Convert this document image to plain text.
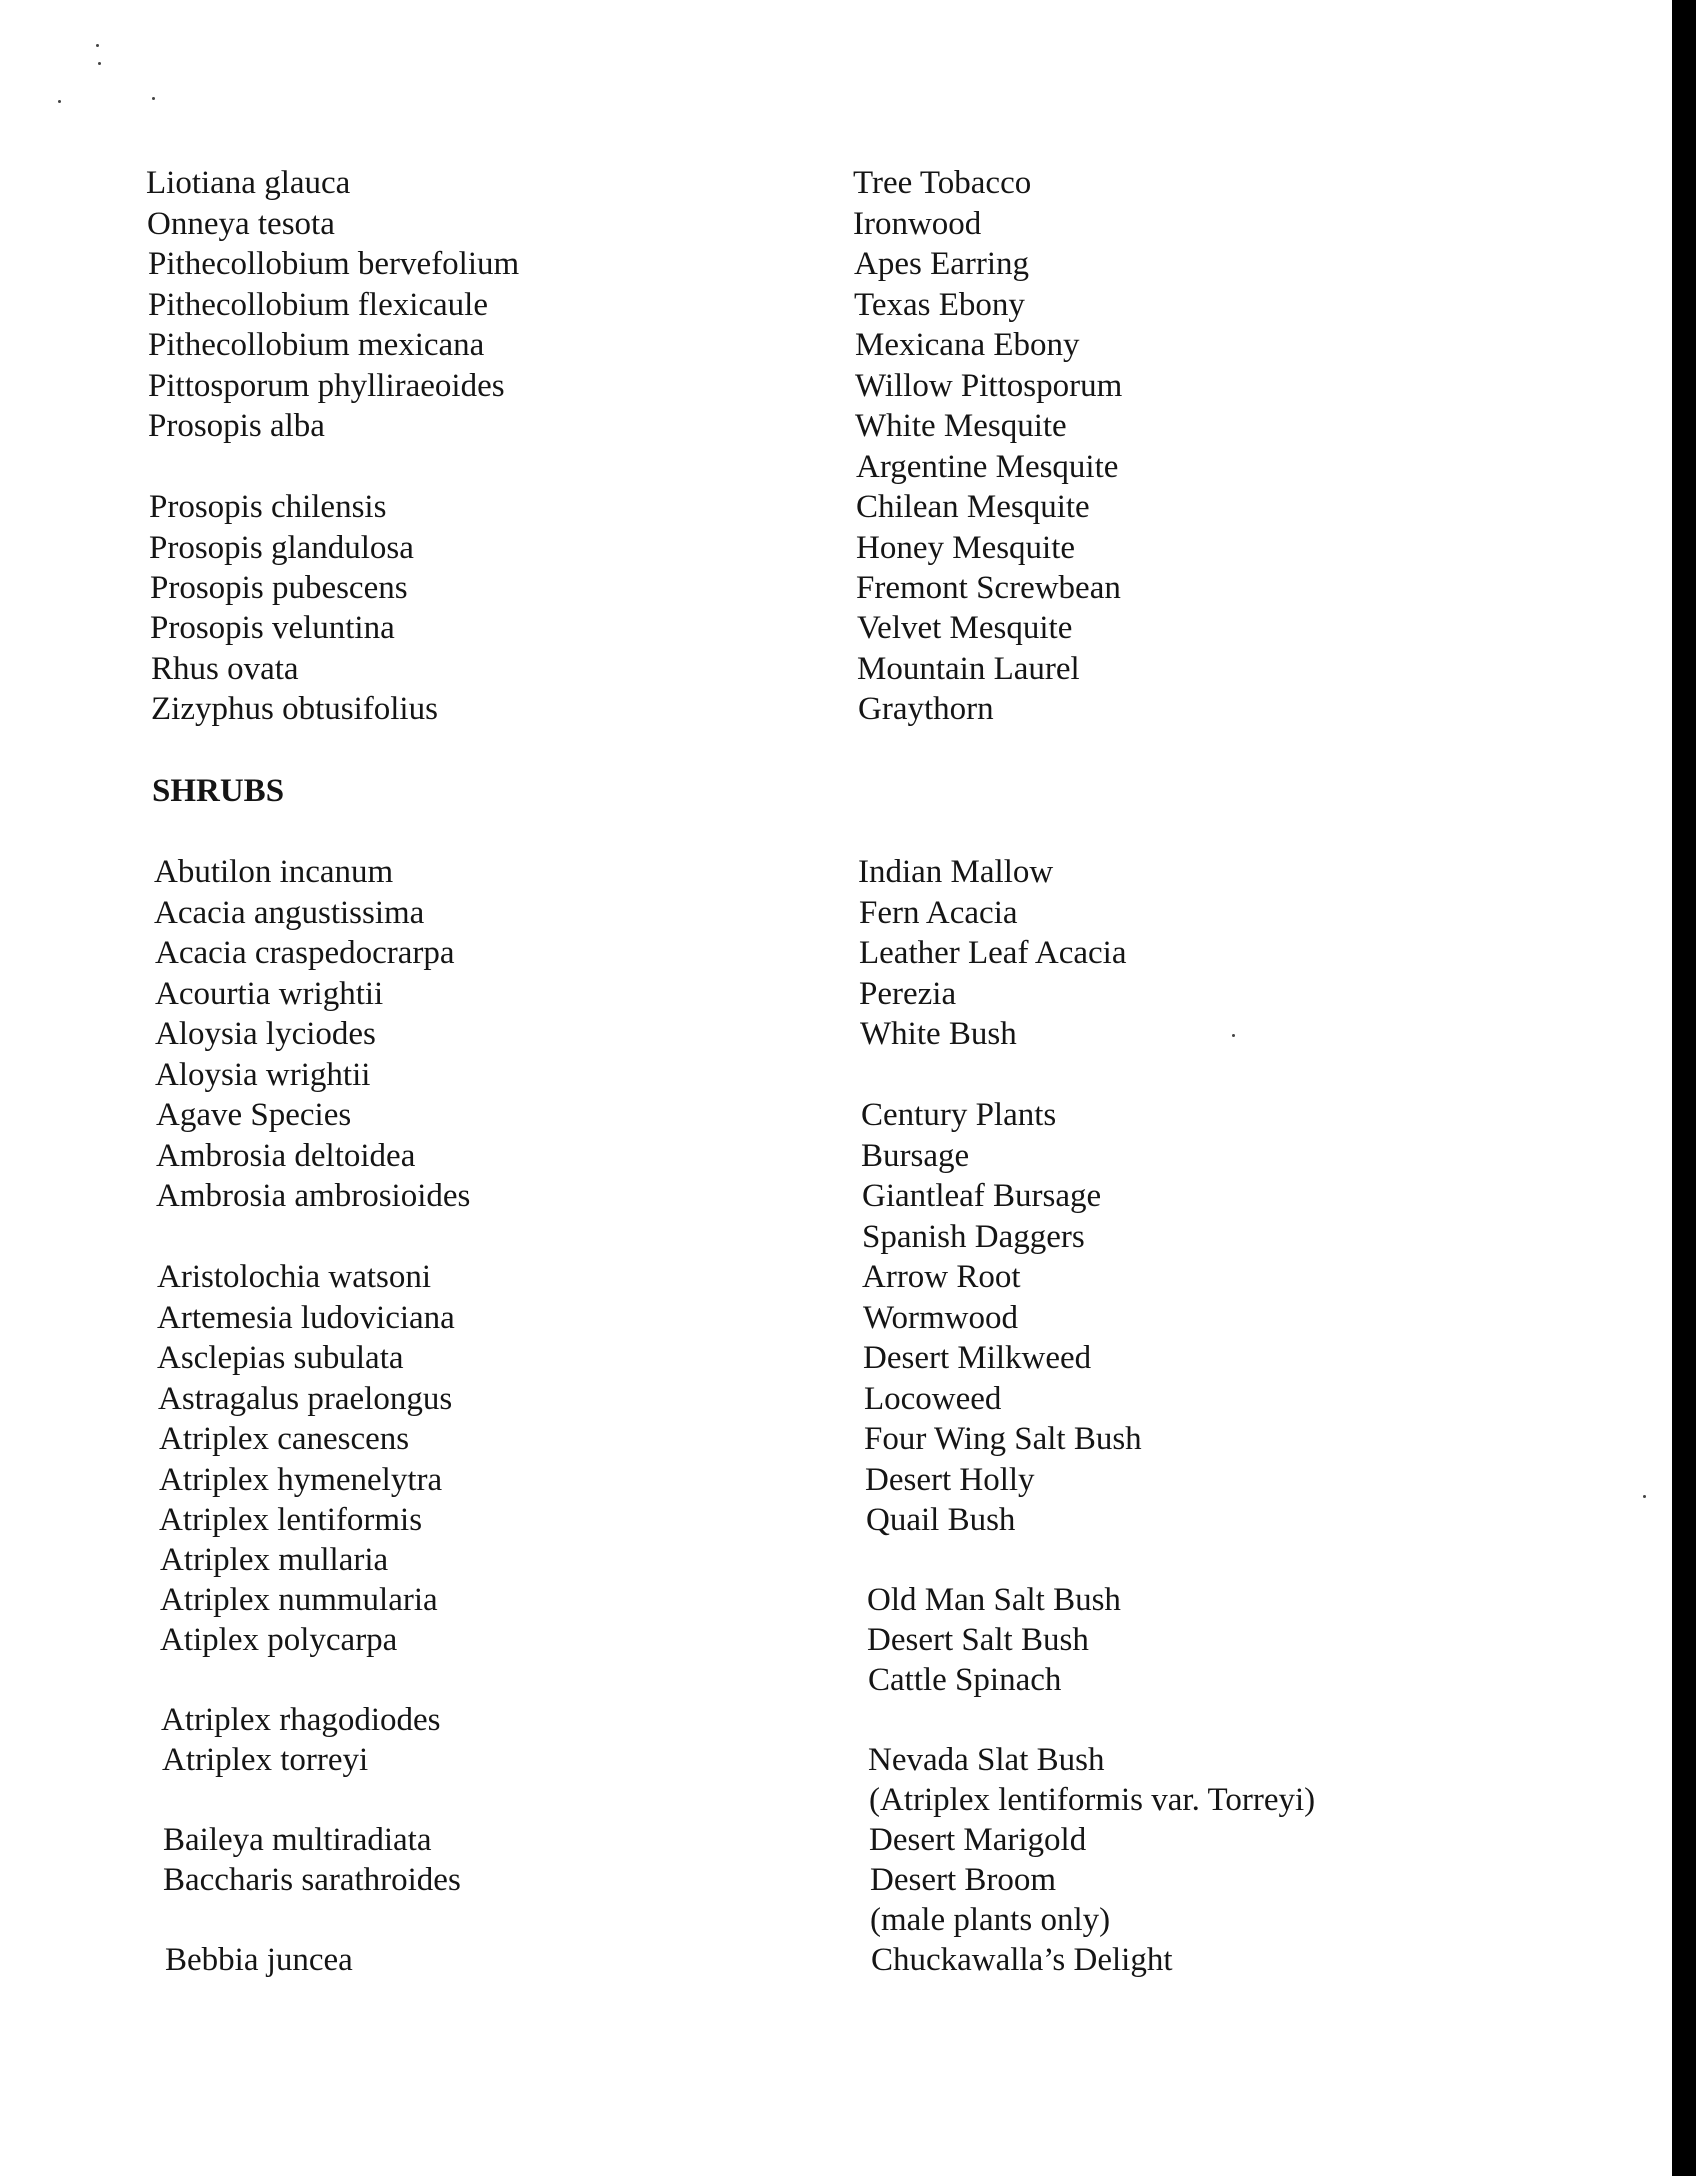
Liotiana glauca
Onneya tesota
Pithecollobium bervefolium
Pithecollobium flexicaule
Pithecollobium mexicana
Pittosporum phylliraeoides
Prosopis alba
Prosopis chilensis
Prosopis glandulosa
Prosopis pubescens
Prosopis veluntina
Rhus ovata
Zizyphus obtusifolius
Tree Tobacco
Ironwood
Apes Earring
Texas Ebony
Mexicana Ebony
Willow Pittosporum
White Mesquite
Argentine Mesquite
Chilean Mesquite
Honey Mesquite
Fremont Screwbean
Velvet Mesquite
Mountain Laurel
Graythorn
SHRUBS
Abutilon incanum
Acacia angustissima
Acacia craspedocrarpa
Acourtia wrightii
Aloysia lyciodes
Aloysia wrightii
Agave Species
Ambrosia deltoidea
Ambrosia ambrosioides
Aristolochia watsoni
Artemesia ludoviciana
Asclepias subulata
Astragalus praelongus
Atriplex canescens
Atriplex hymenelytra
Atriplex lentiformis
Atriplex mullaria
Atriplex nummularia
Atiplex polycarpa
Atriplex rhagodiodes
Atriplex torreyi
Baileya multiradiata
Baccharis sarathroides
Bebbia juncea
Indian Mallow
Fern Acacia
Leather Leaf Acacia
Perezia
White Bush
Century Plants
Bursage
Giantleaf Bursage
Spanish Daggers
Arrow Root
Wormwood
Desert Milkweed
Locoweed
Four Wing Salt Bush
Desert Holly
Quail Bush
Old Man Salt Bush
Desert Salt Bush
Cattle Spinach
Nevada Slat Bush
(Atriplex lentiformis var. Torreyi)
Desert Marigold
Desert Broom
(male plants only)
Chuckawalla’s Delight
